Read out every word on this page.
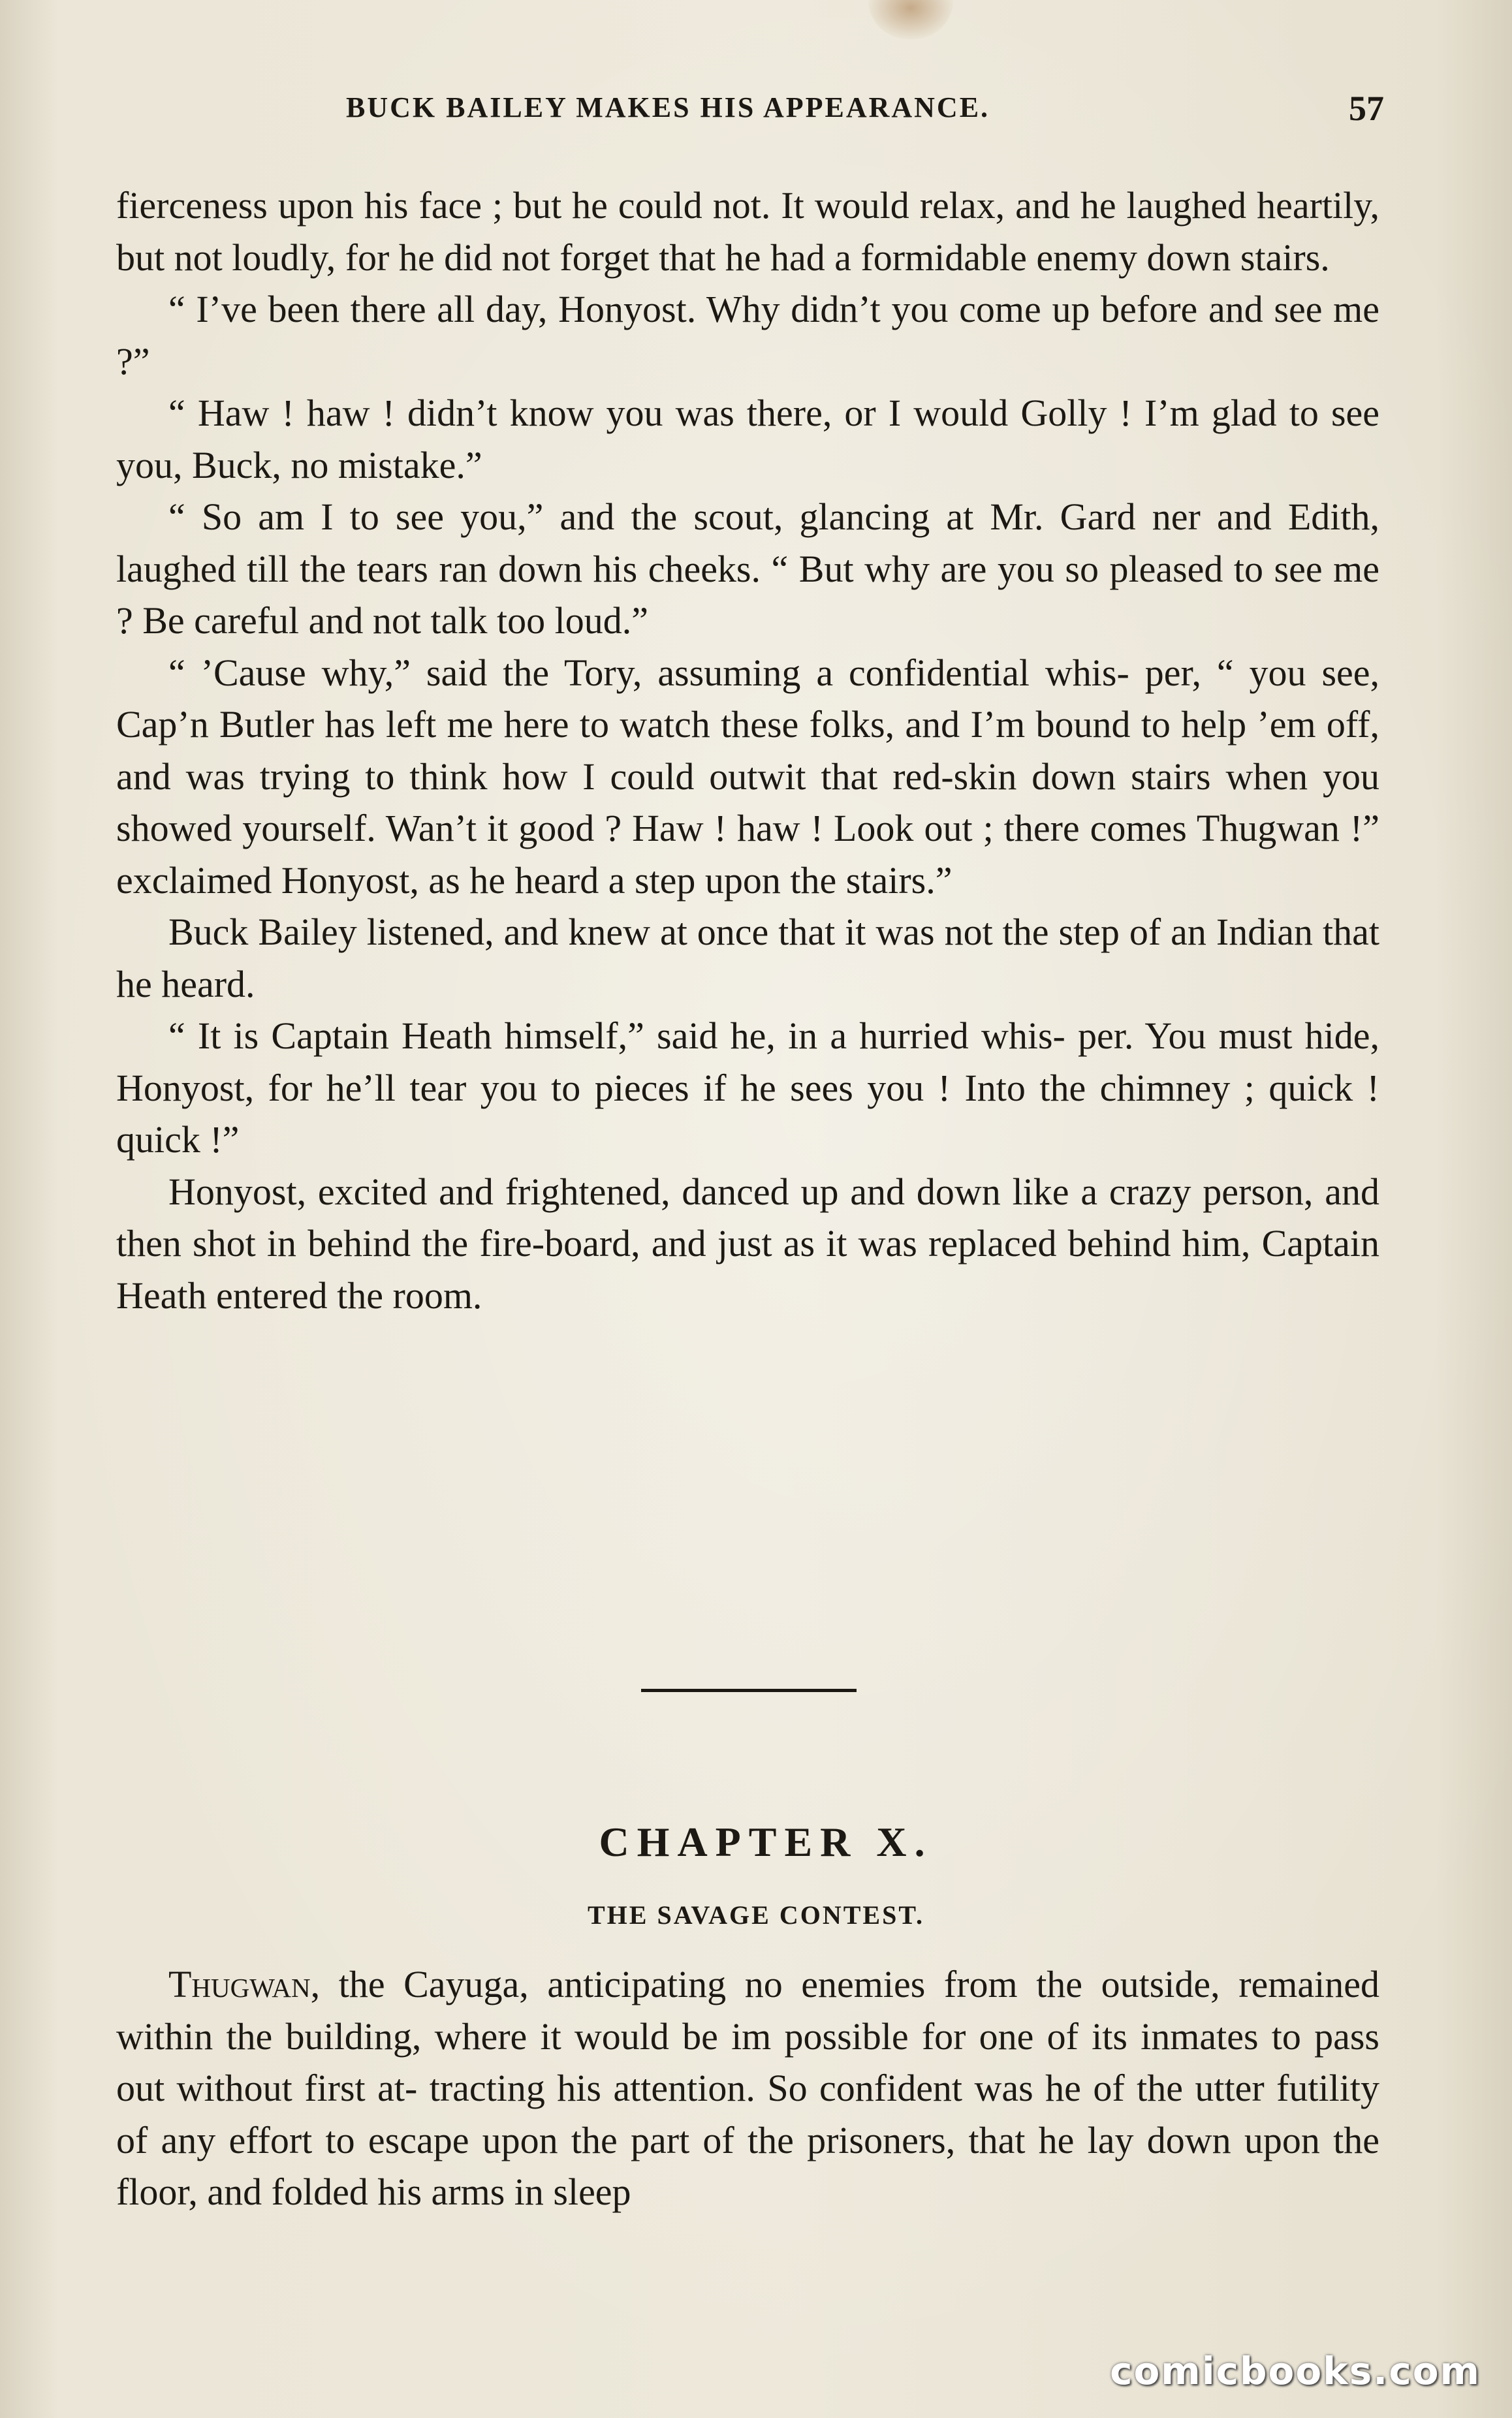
BUCK BAILEY MAKES HIS APPEARANCE.	57

fierceness upon his face ; but he could not. It would relax, and he laughed heartily, but not loudly, for he did not forget that he had a formidable enemy down stairs.

“ I’ve been there all day, Honyost. Why didn’t you come up before and see me ?”

“ Haw ! haw ! didn’t know you was there, or I would Golly ! I’m glad to see you, Buck, no mistake.”

“ So am I to see you,” and the scout, glancing at Mr. Gard ner and Edith, laughed till the tears ran down his cheeks. “ But why are you so pleased to see me ? Be careful and not talk too loud.”

“ ’Cause why,” said the Tory, assuming a confidential whis- per, “ you see, Cap’n Butler has left me here to watch these folks, and I’m bound to help ’em off, and was trying to think how I could outwit that red-skin down stairs when you showed yourself. Wan’t it good ? Haw ! haw ! Look out ; there comes Thugwan !” exclaimed Honyost, as he heard a step upon the stairs.”

Buck Bailey listened, and knew at once that it was not the step of an Indian that he heard.

“ It is Captain Heath himself,” said he, in a hurried whis- per. You must hide, Honyost, for he’ll tear you to pieces if he sees you ! Into the chimney ; quick ! quick !”

Honyost, excited and frightened, danced up and down like a crazy person, and then shot in behind the fire-board, and just as it was replaced behind him, Captain Heath entered the room.

CHAPTER X.
THE SAVAGE CONTEST.

Thugwan, the Cayuga, anticipating no enemies from the outside, remained within the building, where it would be im possible for one of its inmates to pass out without first at- tracting his attention. So confident was he of the utter futility of any effort to escape upon the part of the prisoners, that he lay down upon the floor, and folded his arms in sleep

comicbooks.com
